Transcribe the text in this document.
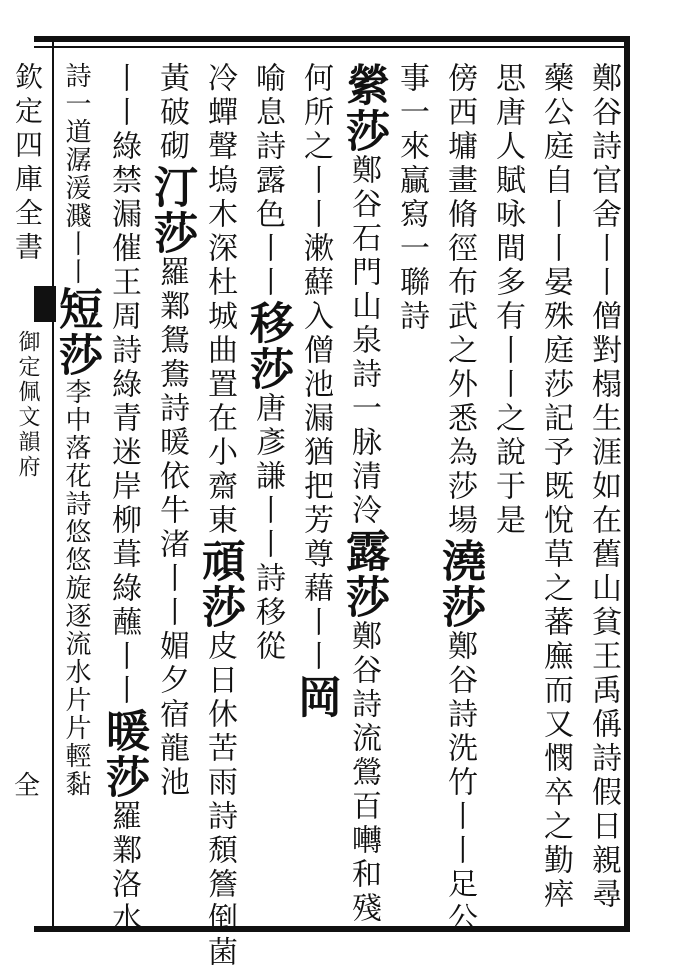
欽定四庫全書
御定佩文韻府
全	鄭谷詩官舍丨丨僧對榻生涯如在舊山貧王禹偁詩假日親尋
藥公庭自丨丨晏殊庭莎記予既悅草之蕃廡而又憫卒之勤瘁
思唐人賦咏間多有丨丨之說于是
傍西墉畫脩徑布武之外悉為莎場澆莎鄭谷詩洗竹丨丨足公
事一來贏寫一聯詩
縈莎鄭谷石門山泉詩一脉清泠露莎鄭谷詩流鶯百囀和殘
何所之丨丨漱蘚入僧池漏猶把芳尊藉丨丨岡
喻息詩露色丨丨移莎唐彥謙丨丨詩移從
冷蟬聲塢木深杜城曲置在小齋東頑莎皮日休苦雨詩頹簷倒菌
黃破砌汀莎羅鄴鴛鴦詩暖依牛渚丨丨媚夕宿龍池
丨丨綠禁漏催王周詩綠青迷岸柳葺綠蘸丨丨暖莎羅鄴洛水
詩一道潺湲濺丨丨短莎李中落花詩悠悠旋逐流水片片輕黏
